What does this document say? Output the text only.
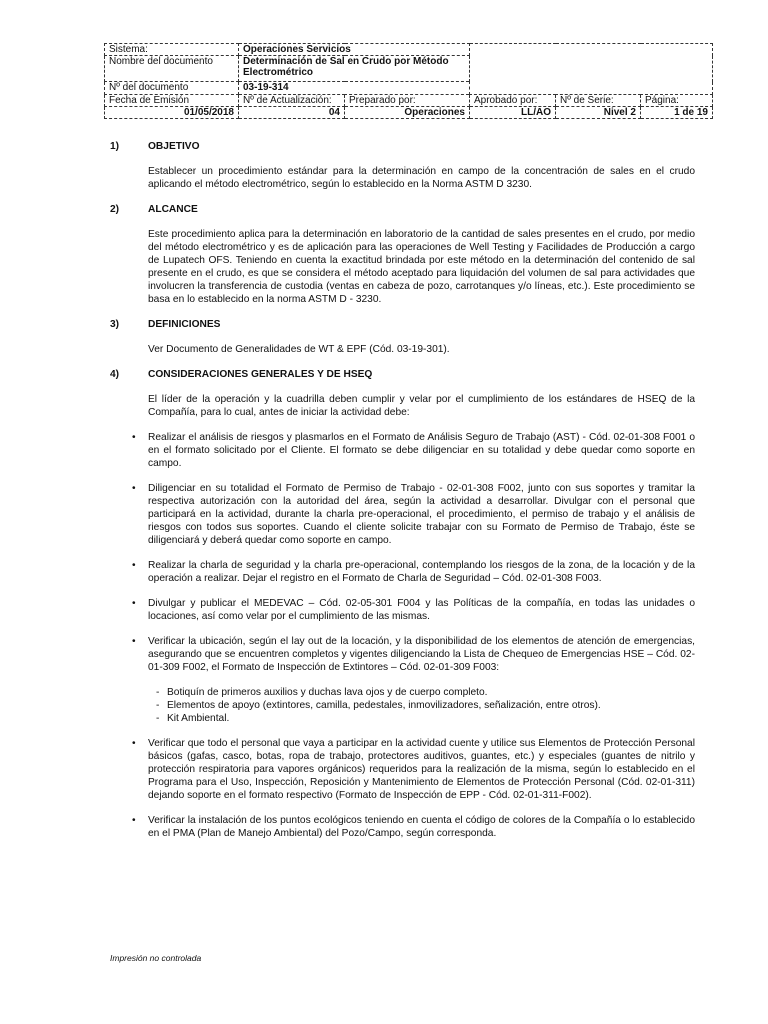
Sistema:	Operaciones Servicios				
Nombre del documento	Determinación de Sal en Crudo por Método Electrométrico				
Nº del documento	03-19-314				
Fecha de Emisión	Nº de Actualización:	Preparado por:	Aprobado por:	Nº de Serie:	Página:
01/05/2018	04	Operaciones	LL/AO	Nivel 2	1 de 19
1)	OBJETIVO

Establecer un procedimiento estándar para la determinación en campo de la concentración de sales en el crudo aplicando el método electrométrico, según lo establecido en la Norma ASTM D 3230.

2)	ALCANCE

Este procedimiento aplica para la determinación en laboratorio de la cantidad de sales presentes en el crudo, por medio del método electrométrico y es de aplicación para las operaciones de Well Testing y Facilidades de Producción a cargo de Lupatech OFS. Teniendo en cuenta la exactitud brindada por este método en la determinación del contenido de sal presente en el crudo, es que se considera el método aceptado para liquidación del volumen de sal para actividades que involucren la transferencia de custodia (ventas en cabeza de pozo, carrotanques y/o líneas, etc.). Este procedimiento se basa en lo establecido en la norma ASTM D - 3230.

3)	DEFINICIONES

Ver Documento de Generalidades de WT & EPF (Cód. 03-19-301).

4)	CONSIDERACIONES GENERALES Y DE HSEQ

El líder de la operación y la cuadrilla deben cumplir y velar por el cumplimiento de los estándares de HSEQ de la Compañía, para lo cual, antes de iniciar la actividad debe:

•	Realizar el análisis de riesgos y plasmarlos en el Formato de Análisis Seguro de Trabajo (AST) - Cód. 02-01-308 F001 o en el formato solicitado por el Cliente. El formato se debe diligenciar en su totalidad y debe quedar como soporte en campo.
•	Diligenciar en su totalidad el Formato de Permiso de Trabajo - 02-01-308 F002, junto con sus soportes y tramitar la respectiva autorización con la autoridad del área, según la actividad a desarrollar. Divulgar con el personal que participará en la actividad, durante la charla pre-operacional, el procedimiento, el permiso de trabajo y el análisis de riesgos con todos sus soportes. Cuando el cliente solicite trabajar con su Formato de Permiso de Trabajo, éste se diligenciará y deberá quedar como soporte en campo.
•	Realizar la charla de seguridad y la charla pre-operacional, contemplando los riesgos de la zona, de la locación y de la operación a realizar. Dejar el registro en el Formato de Charla de Seguridad – Cód. 02-01-308 F003.
•	Divulgar y publicar el MEDEVAC – Cód. 02-05-301 F004 y las Políticas de la compañía, en todas las unidades o locaciones, así como velar por el cumplimiento de las mismas.
•	Verificar la ubicación, según el lay out de la locación, y la disponibilidad de los elementos de atención de emergencias, asegurando que se encuentren completos y vigentes diligenciando la Lista de Chequeo de Emergencias HSE – Cód. 02-01-309 F002, el Formato de Inspección de Extintores – Cód. 02-01-309 F003:
- Botiquín de primeros auxilios y duchas lava ojos y de cuerpo completo.
- Elementos de apoyo (extintores, camilla, pedestales, inmovilizadores, señalización, entre otros).
- Kit Ambiental.
•	Verificar que todo el personal que vaya a participar en la actividad cuente y utilice sus Elementos de Protección Personal básicos (gafas, casco, botas, ropa de trabajo, protectores auditivos, guantes, etc.) y especiales (guantes de nitrilo y protección respiratoria para vapores orgánicos) requeridos para la realización de la misma, según lo establecido en el Programa para el Uso, Inspección, Reposición y Mantenimiento de Elementos de Protección Personal (Cód. 02-01-311) dejando soporte en el formato respectivo (Formato de Inspección de EPP - Cód. 02-01-311-F002).
•	Verificar la instalación de los puntos ecológicos teniendo en cuenta el código de colores de la Compañía o lo establecido en el PMA (Plan de Manejo Ambiental) del Pozo/Campo, según corresponda.
Impresión no controlada
